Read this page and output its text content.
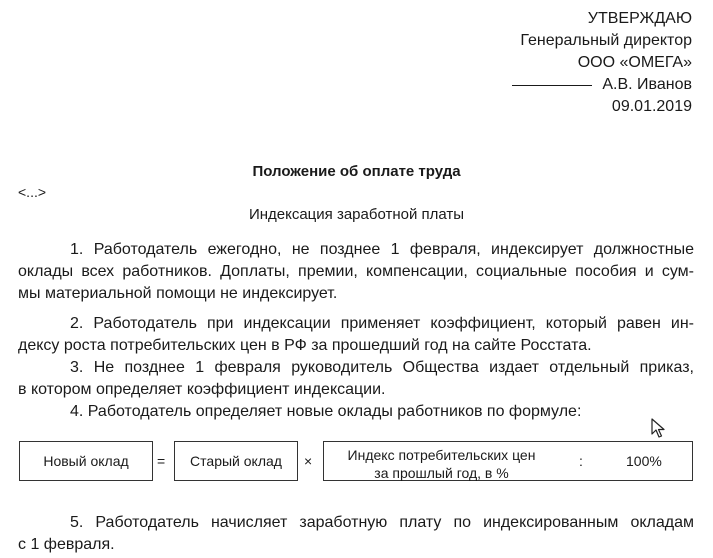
УТВЕРЖДАЮ
Генеральный директор
ООО «ОМЕГА»
А.В. Иванов
09.01.2019
Положение об оплате труда
<...>
Индексация заработной платы
1. Работодатель ежегодно, не позднее 1 февраля, индексирует должностные
оклады всех работников. Доплаты, премии, компенсации, социальные пособия и сум-
мы материальной помощи не индексирует.
2. Работодатель при индексации применяет коэффициент, который равен ин-
дексу роста потребительских цен в РФ за прошедший год на сайте Росстата.
3. Не позднее 1 февраля руководитель Общества издает отдельный приказ,
в котором определяет коэффициент индексации.
4. Работодатель определяет новые оклады работников по формуле:
Новый оклад = Старый оклад ×	Индекс потребительских цен
за прошлый год, в %
:	100%
5. Работодатель начисляет заработную плату по индексированным окладам
с 1 февраля.
